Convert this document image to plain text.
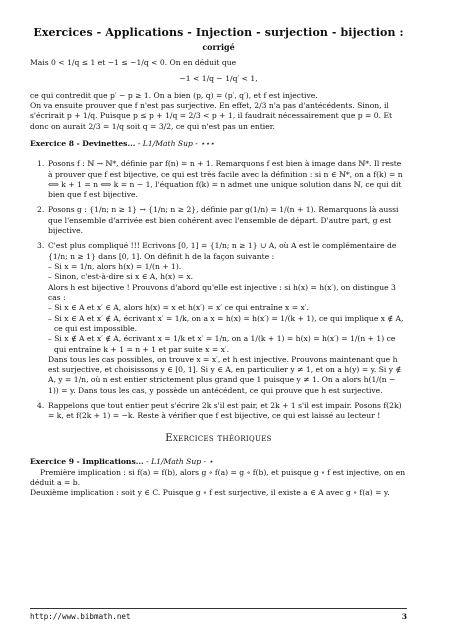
Exercices - Applications - Injection - surjection - bijection :
corrigé

Mais 0 < 1/q ≤ 1 et −1 ≤ −1/q < 0. On en déduit que

−1 < 1/q − 1/q′ < 1,

ce qui contredit que p′ − p ≥ 1. On a bien (p, q) = (p′, q′), et f est injective.

On va ensuite prouver que f n'est pas surjective. En effet, 2/3 n'a pas d'antécédents. Sinon, il s'écrirait p + 1/q. Puisque p ≤ p + 1/q = 2/3 < p + 1, il faudrait nécessairement que p = 0. Et donc on aurait 2/3 = 1/q soit q = 3/2, ce qui n'est pas un entier.

Exercice 8 - Devinettes... - L1/Math Sup - ⋆⋆⋆
1. Posons f : ℕ → ℕ*, définie par f(n) = n + 1. Remarquons f est bien à image dans ℕ*. Il reste à prouver que f est bijective, ce qui est très facile avec la définition : si n ∈ ℕ*, on a f(k) = n ⟺ k + 1 = n ⟺ k = n − 1, l'équation f(k) = n admet une unique solution dans ℕ, ce qui dit bien que f est bijective.

2. Posons g : {1/n; n ≥ 1} → {1/n; n ≥ 2}, définie par g(1/n) = 1/(n + 1). Remarquons là aussi que l'ensemble d'arrivée est bien cohérent avec l'ensemble de départ. D'autre part, g est bijective.

3. C'est plus compliqué !!! Ecrivons [0, 1] = {1/n; n ≥ 1} ∪ A, où A est le complémentaire de {1/n; n ≥ 1} dans [0, 1]. On définit h de la façon suivante :

– Si x = 1/n, alors h(x) = 1/(n + 1).

– Sinon, c'est-à-dire si x ∈ A, h(x) = x.

Alors h est bijective ! Prouvons d'abord qu'elle est injective : si h(x) = h(x′), on distingue 3 cas :

– Si x ∈ A et x′ ∈ A, alors h(x) = x et h(x′) = x′ ce qui entraîne x = x′.

– Si x ∈ A et x′ ∉ A, écrivant x′ = 1/k, on a x = h(x) = h(x′) = 1/(k + 1), ce qui implique x ∉ A, ce qui est impossible.

– Si x ∉ A et x′ ∉ A, écrivant x = 1/k et x′ = 1/n, on a 1/(k + 1) = h(x) = h(x′) = 1/(n + 1) ce qui entraîne k + 1 = n + 1 et par suite x = x′.

Dans tous les cas possibles, on trouve x = x′, et h est injective. Prouvons maintenant que h est surjective, et choisissons y ∈ [0, 1]. Si y ∈ A, en particulier y ≠ 1, et on a h(y) = y. Si y ∉ A, y = 1/n, où n est entier strictement plus grand que 1 puisque y ≠ 1. On a alors h(1/(n − 1)) = y. Dans tous les cas, y possède un antécédent, ce qui prouve que h est surjective.

4. Rappelons que tout entier peut s'écrire 2k s'il est pair, et 2k + 1 s'il est impair. Posons f(2k) = k, et f(2k + 1) = −k. Reste à vérifier que f est bijective, ce qui est laissé au lecteur !

Exercices théoriques
Exercice 9 - Implications... - L1/Math Sup - ⋆

Première implication : si f(a) = f(b), alors g ∘ f(a) = g ∘ f(b), et puisque g ∘ f est injective, on en déduit a = b.

Deuxième implication : soit y ∈ C. Puisque g ∘ f est surjective, il existe a ∈ A avec g ∘ f(a) = y.

http://www.bibmath.net	3
